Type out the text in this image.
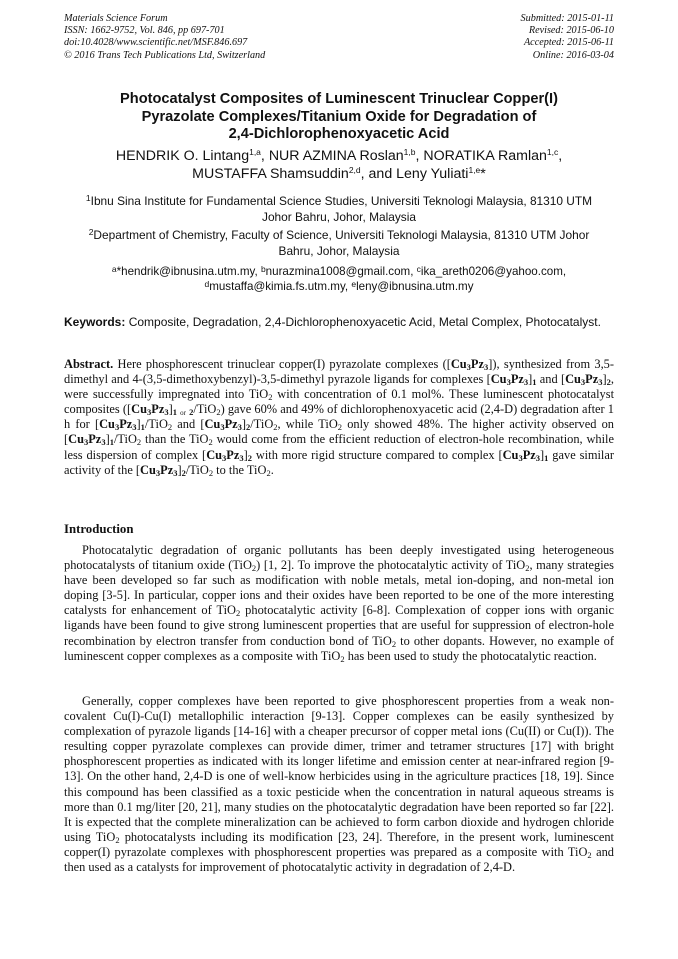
Materials Science Forum
ISSN: 1662-9752, Vol. 846, pp 697-701
doi:10.4028/www.scientific.net/MSF.846.697
© 2016 Trans Tech Publications Ltd, Switzerland
Submitted: 2015-01-11
Revised: 2015-06-10
Accepted: 2015-06-11
Online: 2016-03-04
Photocatalyst Composites of Luminescent Trinuclear Copper(I)
Pyrazolate Complexes/Titanium Oxide for Degradation of
2,4-Dichlorophenoxyacetic Acid
HENDRIK O. Lintang$^{1,a}$, NUR AZMINA Roslan$^{1,b}$, NORATIKA Ramlan$^{1,c}$,
MUSTAFFA Shamsuddin$^{2,d}$, and Leny Yuliati$^{1,e}$*
$^1$Ibnu Sina Institute for Fundamental Science Studies, Universiti Teknologi Malaysia, 81310 UTM
Johor Bahru, Johor, Malaysia
$^2$Department of Chemistry, Faculty of Science, Universiti Teknologi Malaysia, 81310 UTM Johor
Bahru, Johor, Malaysia
$^a$*hendrik@ibnusina.utm.my, $^b$nurazmina1008@gmail.com, $^c$ika_areth0206@yahoo.com,
$^d$mustaffa@kimia.fs.utm.my, $^e$leny@ibnusina.utm.my
Keywords: Composite, Degradation, 2,4-Dichlorophenoxyacetic Acid, Metal Complex, Photocatalyst.
Abstract. Here phosphorescent trinuclear copper(I) pyrazolate complexes $([Cu_3Pz_3])$, synthesized from 3,5-dimethyl and 4-(3,5-dimethoxybenzyl)-3,5-dimethyl pyrazole ligands for complexes $[Cu_3Pz_3]_1$ and $[Cu_3Pz_3]_2$, were successfully impregnated into TiO$_2$ with concentration of 0.1 mol%. These luminescent photocatalyst composites ($[Cu_3Pz_3]_1$ $_{or}$ $_2$/TiO$_2$) gave 60% and 49% of dichlorophenoxyacetic acid (2,4-D) degradation after 1 h for $[Cu_3Pz_3]_1/TiO_2$ and $[Cu_3Pz_3]_2/TiO_2$, while TiO$_2$ only showed 48%. The higher activity observed on $[Cu_3Pz_3]_1/TiO_2$ than the TiO$_2$ would come from the efficient reduction of electron-hole recombination, while less dispersion of complex $[Cu_3Pz_3]_2$ with more rigid structure compared to complex $[Cu_3Pz_3]_1$ gave similar activity of the $[Cu_3Pz_3]_2/TiO_2$ to the TiO$_2$.
Introduction
Photocatalytic degradation of organic pollutants has been deeply investigated using heterogeneous photocatalysts of titanium oxide (TiO$_2$) [1, 2]. To improve the photocatalytic activity of TiO$_2$, many strategies have been developed so far such as modification with noble metals, metal ion-doping, and non-metal ion doping [3-5]. In particular, copper ions and their oxides have been reported to be one of the more interesting catalysts for enhancement of TiO$_2$ photocatalytic activity [6-8]. Complexation of copper ions with organic ligands have been found to give strong luminescent properties that are useful for suppression of electron-hole recombination by electron transfer from conduction bond of TiO$_2$ to other dopants. However, no example of luminescent copper complexes as a composite with TiO$_2$ has been used to study the photocatalytic reaction.
Generally, copper complexes have been reported to give phosphorescent properties from a weak non-covalent Cu(I)-Cu(I) metallophilic interaction [9-13]. Copper complexes can be easily synthesized by complexation of pyrazole ligands [14-16] with a cheaper precursor of copper metal ions (Cu(II) or Cu(I)). The resulting copper pyrazolate complexes can provide dimer, trimer and tetramer structures [17] with bright phosphorescent properties as indicated with its longer lifetime and emission center at near-infrared region [9-13]. On the other hand, 2,4-D is one of well-know herbicides using in the agriculture practices [18, 19]. Since this compound has been classified as a toxic pesticide when the concentration in natural aqueous streams is more than 0.1 mg/liter [20, 21], many studies on the photocatalytic degradation have been reported so far [22]. It is expected that the complete mineralization can be achieved to form carbon dioxide and hydrogen chloride using TiO$_2$ photocatalysts including its modification [23, 24]. Therefore, in the present work, luminescent copper(I) pyrazolate complexes with phosphorescent properties was prepared as a composite with TiO$_2$ and then used as a catalysts for improvement of photocatalytic activity in degradation of 2,4-D.
